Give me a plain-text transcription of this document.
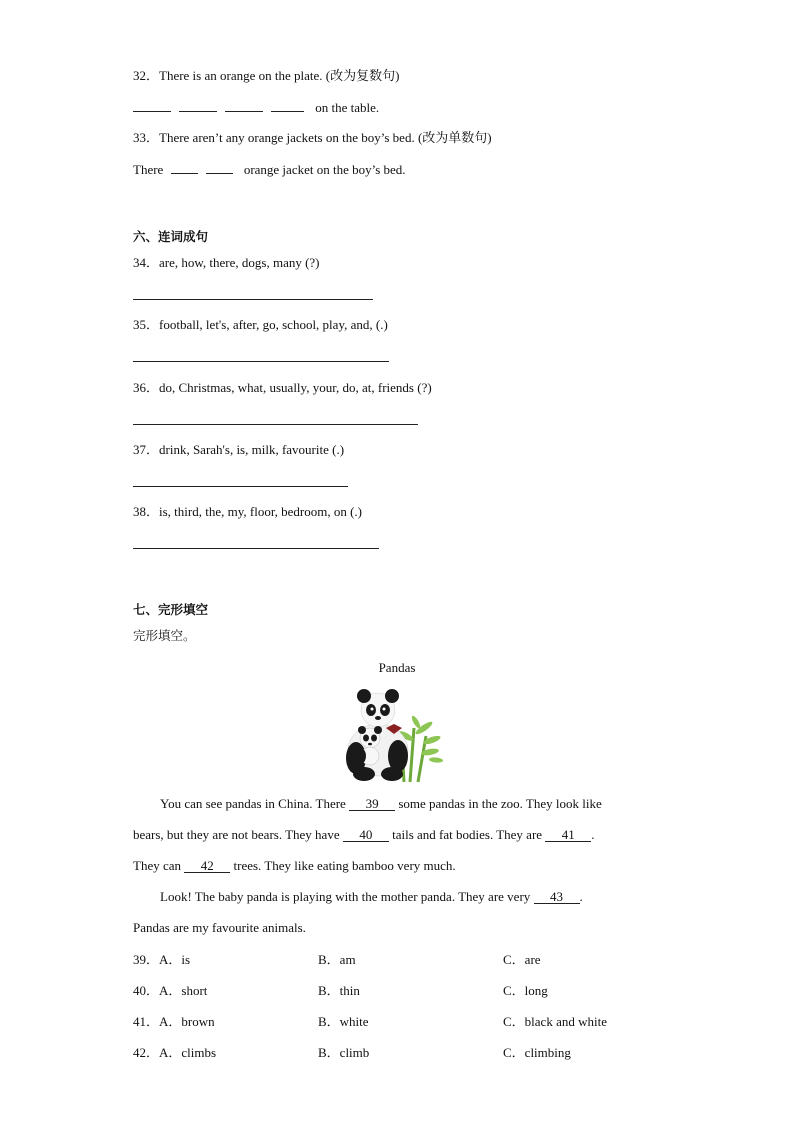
32．There is an orange on the plate. (改为复数句)
on the table.
33．There aren’t any orange jackets on the boy’s bed. (改为单数句)
There	orange jacket on the boy’s bed.
六、连词成句
34．are, how, there, dogs, many (?)
35．football, let's, after, go, school, play, and, (.)
36．do, Christmas, what, usually, your, do, at, friends (?)
37．drink, Sarah's, is, milk, favourite (.)
38．is, third, the, my, floor, bedroom, on (.)
七、完形填空
完形填空。
Pandas
You can see pandas in China. There 39 some pandas in the zoo. They look like
bears, but they are not bears. They have 40 tails and fat bodies. They are 41 .
They can 42 trees. They like eating bamboo very much.
Look! The baby panda is playing with the mother panda. They are very 43 .
Pandas are my favourite animals.
39．A．is	B．am	C．are
40．A．short	B．thin	C．long
41．A．brown	B．white	C．black and white
42．A．climbs	B．climb	C．climbing
